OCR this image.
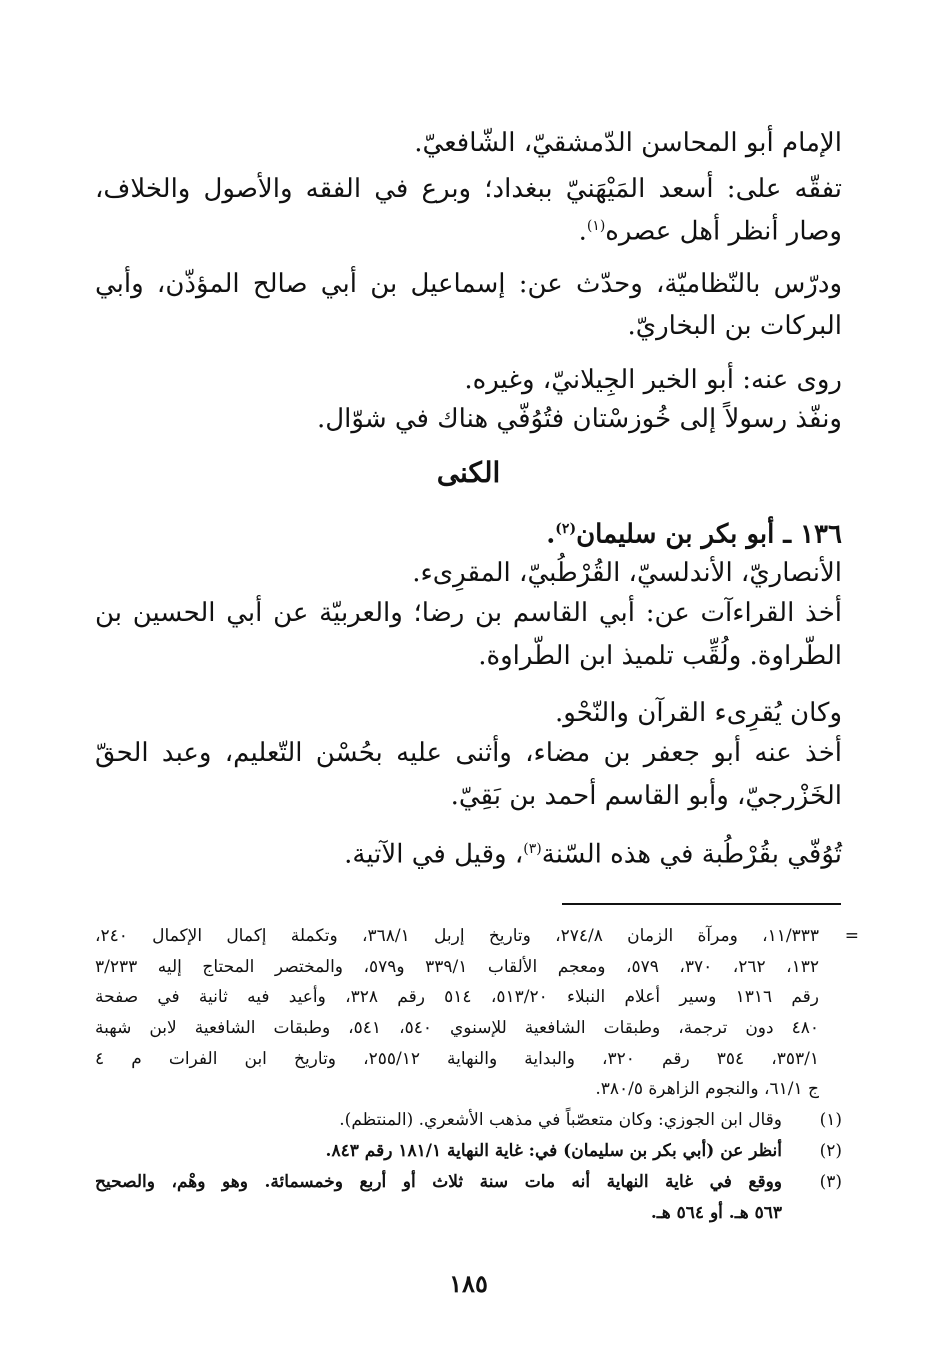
الإمام أبو المحاسن الدّمشقيّ، الشّافعيّ.
تفقّه على: أسعد المَيْهَنيّ ببغداد؛ وبرع في الفقه والأصول والخلاف،
وصار أنظر أهل عصره$^{(١)}$.
ودرّس بالنّظاميّة، وحدّث عن: إسماعيل بن أبي صالح المؤذّن، وأبي
البركات بن البخاريّ.
روى عنه: أبو الخير الجِيلانيّ، وغيره.
ونفّذ رسولاً إلى خُوزسْتان فتُوُفّي هناك في شوّال.
الكنى
١٣٦ ـ أبو بكر بن سليمان$^{(٢)}$.
الأنصاريّ، الأندلسيّ، القُرْطُبيّ، المقرِىء.
أخذ القراءآت عن: أبي القاسم بن رضا؛ والعربيّة عن أبي الحسين بن
الطّراوة. ولُقِّب تلميذ ابن الطّراوة.
وكان يُقرِىء القرآن والنّحْو.
أخذ عنه أبو جعفر بن مضاء، وأثنى عليه بحُسْن التّعليم، وعبد الحقّ
الخَزْرجيّ، وأبو القاسم أحمد بن بَقِيّ.
تُوُفّي بقُرْطُبة في هذه السّنة$^{(٣)}$، وقيل في الآتية.
=
١١/٣٣٣، ومرآة الزمان ٢٧٤/٨، وتاريخ إربل ٣٦٨/١، وتكملة إكمال الإكمال ٢٤٠،
١٣٢، ٢٦٢، ٣٧٠، ٥٧٩، ومعجم الألقاب ٣٣٩/١ و٥٧٩، والمختصر المحتاج إليه ٣/٢٣٣
رقم ١٣١٦ وسير أعلام النبلاء ٥١٣/٢٠، ٥١٤ رقم ٣٢٨، وأعيد فيه ثانية في صفحة
٤٨٠ دون ترجمة، وطبقات الشافعية للإسنوي ٥٤٠، ٥٤١، وطبقات الشافعية لابن شهبة
٣٥٣/١، ٣٥٤ رقم ٣٢٠، والبداية والنهاية ٢٥٥/١٢، وتاريخ ابن الفرات م ٤
ج ٦١/١، والنجوم الزاهرة ٣٨٠/٥.
(١)
وقال ابن الجوزي: وكان متعصّباً في مذهب الأشعري. (المنتظم).
(٢)
أنظر عن (أبي بكر بن سليمان) في: غاية النهاية ١٨١/١ رقم ٨٤٣.
(٣)
ووقع في غاية النهاية أنه مات سنة ثلاث أو أربع وخمسمائة. وهو وهْم، والصحيح
٥٦٣ هـ. أو ٥٦٤ هـ.
١٨٥
